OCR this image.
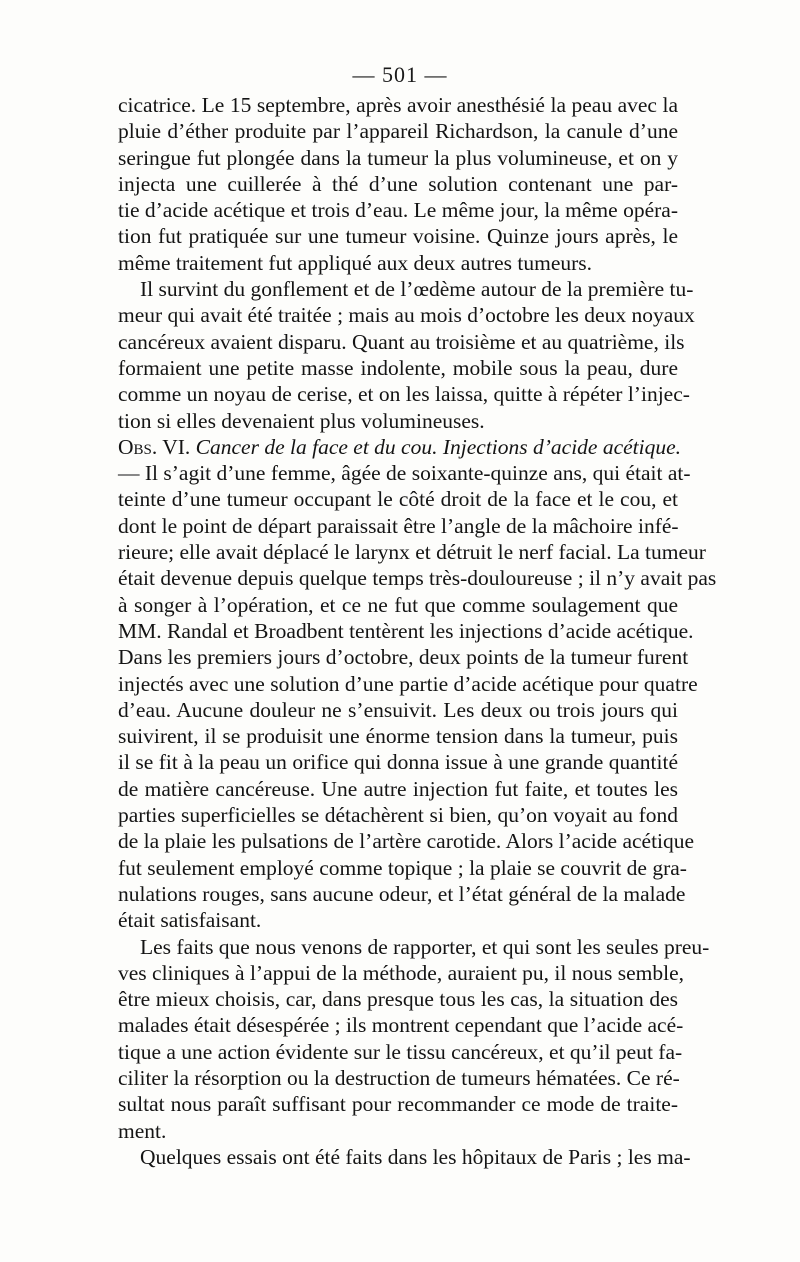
— 501 —
cicatrice. Le 15 septembre, après avoir anesthésié la peau avec la
pluie d’éther produite par l’appareil Richardson, la canule d’une
seringue fut plongée dans la tumeur la plus volumineuse, et on y
injecta une cuillerée à thé d’une solution contenant une par-
tie d’acide acétique et trois d’eau. Le même jour, la même opéra-
tion fut pratiquée sur une tumeur voisine. Quinze jours après, le
même traitement fut appliqué aux deux autres tumeurs.
Il survint du gonflement et de l’œdème autour de la première tu-
meur qui avait été traitée ; mais au mois d’octobre les deux noyaux
cancéreux avaient disparu. Quant au troisième et au quatrième, ils
formaient une petite masse indolente, mobile sous la peau, dure
comme un noyau de cerise, et on les laissa, quitte à répéter l’injec-
tion si elles devenaient plus volumineuses.
Obs. VI. Cancer de la face et du cou. Injections d’acide acétique.
— Il s’agit d’une femme, âgée de soixante-quinze ans, qui était at-
teinte d’une tumeur occupant le côté droit de la face et le cou, et
dont le point de départ paraissait être l’angle de la mâchoire infé-
rieure; elle avait déplacé le larynx et détruit le nerf facial. La tumeur
était devenue depuis quelque temps très-douloureuse ; il n’y avait pas
à songer à l’opération, et ce ne fut que comme soulagement que
MM. Randal et Broadbent tentèrent les injections d’acide acétique.
Dans les premiers jours d’octobre, deux points de la tumeur furent
injectés avec une solution d’une partie d’acide acétique pour quatre
d’eau. Aucune douleur ne s’ensuivit. Les deux ou trois jours qui
suivirent, il se produisit une énorme tension dans la tumeur, puis
il se fit à la peau un orifice qui donna issue à une grande quantité
de matière cancéreuse. Une autre injection fut faite, et toutes les
parties superficielles se détachèrent si bien, qu’on voyait au fond
de la plaie les pulsations de l’artère carotide. Alors l’acide acétique
fut seulement employé comme topique ; la plaie se couvrit de gra-
nulations rouges, sans aucune odeur, et l’état général de la malade
était satisfaisant.
Les faits que nous venons de rapporter, et qui sont les seules preu-
ves cliniques à l’appui de la méthode, auraient pu, il nous semble,
être mieux choisis, car, dans presque tous les cas, la situation des
malades était désespérée ; ils montrent cependant que l’acide acé-
tique a une action évidente sur le tissu cancéreux, et qu’il peut fa-
ciliter la résorption ou la destruction de tumeurs hématées. Ce ré-
sultat nous paraît suffisant pour recommander ce mode de traite-
ment.
Quelques essais ont été faits dans les hôpitaux de Paris ; les ma-
